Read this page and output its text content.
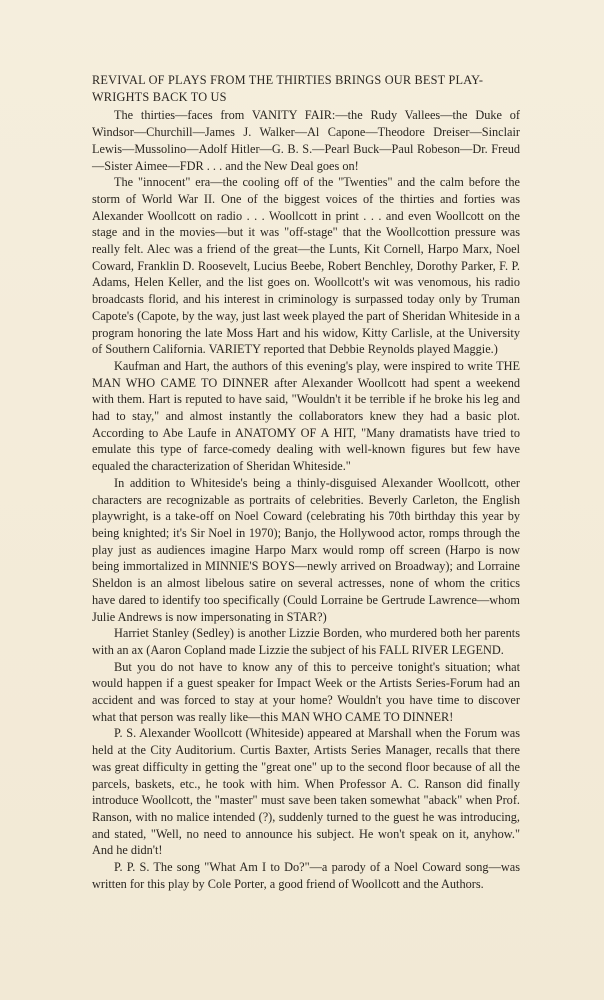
REVIVAL OF PLAYS FROM THE THIRTIES BRINGS OUR BEST PLAY-WRIGHTS BACK TO US

The thirties—faces from VANITY FAIR:—the Rudy Vallees—the Duke of Windsor—Churchill—James J. Walker—Al Capone—Theodore Dreiser—Sinclair Lewis—Mussolino—Adolf Hitler—G. B. S.—Pearl Buck—Paul Robeson—Dr. Freud—Sister Aimee—FDR . . . and the New Deal goes on!

The "innocent" era—the cooling off of the "Twenties" and the calm before the storm of World War II. One of the biggest voices of the thirties and forties was Alexander Woollcott on radio . . . Woollcott in print . . . and even Woollcott on the stage and in the movies—but it was "off-stage" that the Woollcottion pressure was really felt. Alec was a friend of the great—the Lunts, Kit Cornell, Harpo Marx, Noel Coward, Franklin D. Roosevelt, Lucius Beebe, Robert Benchley, Dorothy Parker, F. P. Adams, Helen Keller, and the list goes on. Woollcott's wit was venomous, his radio broadcasts florid, and his interest in criminology is surpassed today only by Truman Capote's (Capote, by the way, just last week played the part of Sheridan Whiteside in a program honoring the late Moss Hart and his widow, Kitty Carlisle, at the University of Southern California. VARIETY reported that Debbie Reynolds played Maggie.)

Kaufman and Hart, the authors of this evening's play, were inspired to write THE MAN WHO CAME TO DINNER after Alexander Woollcott had spent a weekend with them. Hart is reputed to have said, "Wouldn't it be terrible if he broke his leg and had to stay," and almost instantly the collaborators knew they had a basic plot. According to Abe Laufe in ANATOMY OF A HIT, "Many dramatists have tried to emulate this type of farce-comedy dealing with well-known figures but few have equaled the characterization of Sheridan Whiteside."

In addition to Whiteside's being a thinly-disguised Alexander Woollcott, other characters are recognizable as portraits of celebrities. Beverly Carleton, the English playwright, is a take-off on Noel Coward (celebrating his 70th birthday this year by being knighted; it's Sir Noel in 1970); Banjo, the Hollywood actor, romps through the play just as audiences imagine Harpo Marx would romp off screen (Harpo is now being immortalized in MINNIE'S BOYS—newly arrived on Broadway); and Lorraine Sheldon is an almost libelous satire on several actresses, none of whom the critics have dared to identify too specifically (Could Lorraine be Gertrude Lawrence—whom Julie Andrews is now impersonating in STAR?)

Harriet Stanley (Sedley) is another Lizzie Borden, who murdered both her parents with an ax (Aaron Copland made Lizzie the subject of his FALL RIVER LEGEND.

But you do not have to know any of this to perceive tonight's situation; what would happen if a guest speaker for Impact Week or the Artists Series-Forum had an accident and was forced to stay at your home? Wouldn't you have time to discover what that person was really like—this MAN WHO CAME TO DINNER!

P. S. Alexander Woollcott (Whiteside) appeared at Marshall when the Forum was held at the City Auditorium. Curtis Baxter, Artists Series Manager, recalls that there was great difficulty in getting the "great one" up to the second floor because of all the parcels, baskets, etc., he took with him. When Professor A. C. Ranson did finally introduce Woollcott, the "master" must save been taken somewhat "aback" when Prof. Ranson, with no malice intended (?), suddenly turned to the guest he was introducing, and stated, "Well, no need to announce his subject. He won't speak on it, anyhow." And he didn't!

P. P. S. The song "What Am I to Do?"—a parody of a Noel Coward song—was written for this play by Cole Porter, a good friend of Woollcott and the Authors.
